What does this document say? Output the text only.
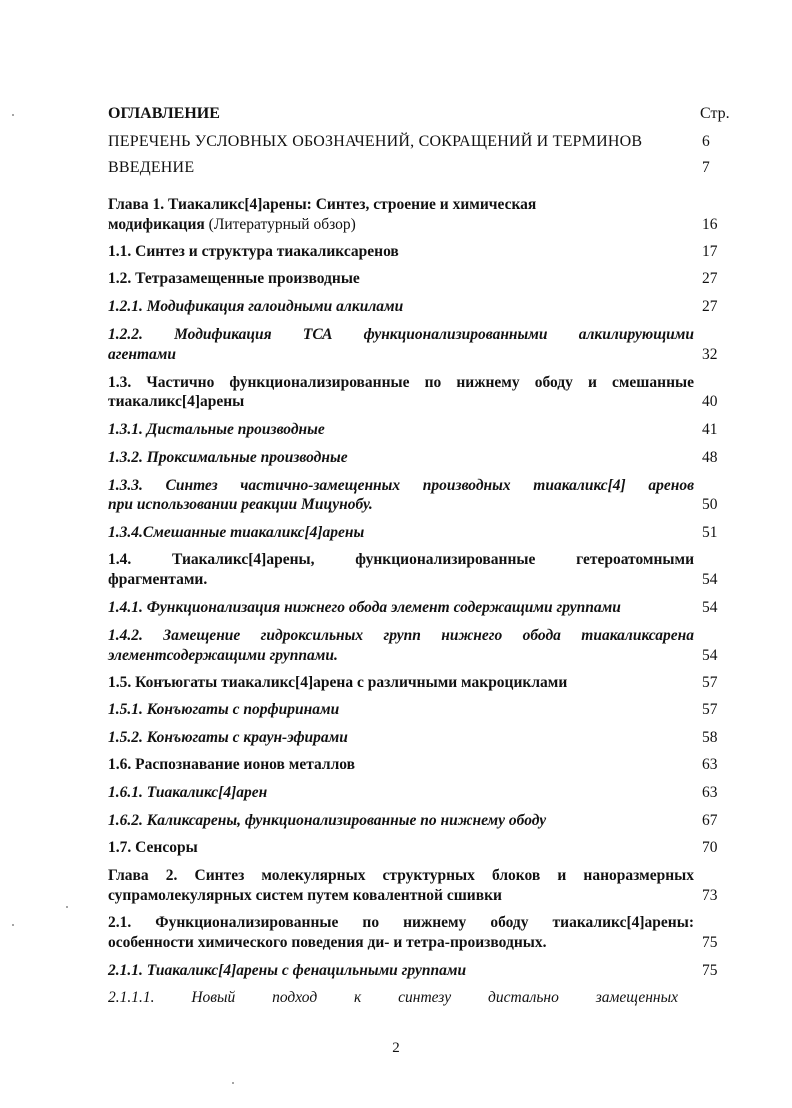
ОГЛАВЛЕНИЕ	Стр.
ПЕРЕЧЕНЬ УСЛОВНЫХ ОБОЗНАЧЕНИЙ, СОКРАЩЕНИЙ И ТЕРМИНОВ	6
ВВЕДЕНИЕ	7
Глава 1. Тиакаликс[4]арены: Синтез, строение и химическая
модификация (Литературный обзор)	16
1.1. Синтез и структура тиакаликсаренов	17
1.2. Тетразамещенные производные	27
1.2.1. Модификация галоидными алкилами	27
1.2.2. Модификация ТСА функционализированными алкилирующими
агентами	32
1.3. Частично функционализированные по нижнему ободу и смешанные
тиакаликс[4]арены	40
1.3.1. Дистальные производные	41
1.3.2. Проксимальные производные	48
1.3.3. Синтез частично-замещенных производных тиакаликс[4] аренов
при использовании реакции Мицунобу.	50
1.3.4.Смешанные тиакаликс[4]арены	51
1.4. Тиакаликс[4]арены, функционализированные гетероатомными
фрагментами.	54
1.4.1. Функционализация нижнего обода элемент содержащими группами	54
1.4.2. Замещение гидроксильных групп нижнего обода тиакаликсарена
элементсодержащими группами.	54
1.5. Конъюгаты тиакаликс[4]арена с различными макроциклами	57
1.5.1. Конъюгаты с порфиринами	57
1.5.2. Конъюгаты с краун-эфирами	58
1.6. Распознавание ионов металлов	63
1.6.1. Тиакаликс[4]арен	63
1.6.2. Каликсарены, функционализированные по нижнему ободу	67
1.7. Сенсоры	70
Глава 2. Синтез молекулярных структурных блоков и наноразмерных
супрамолекулярных систем путем ковалентной сшивки	73
2.1. Функционализированные по нижнему ободу тиакаликс[4]арены:
особенности химического поведения ди- и тетра-производных.	75
2.1.1. Тиакаликс[4]арены с фенацильными группами	75
2.1.1.1. Новый подход к синтезу дистально замещенных
2
